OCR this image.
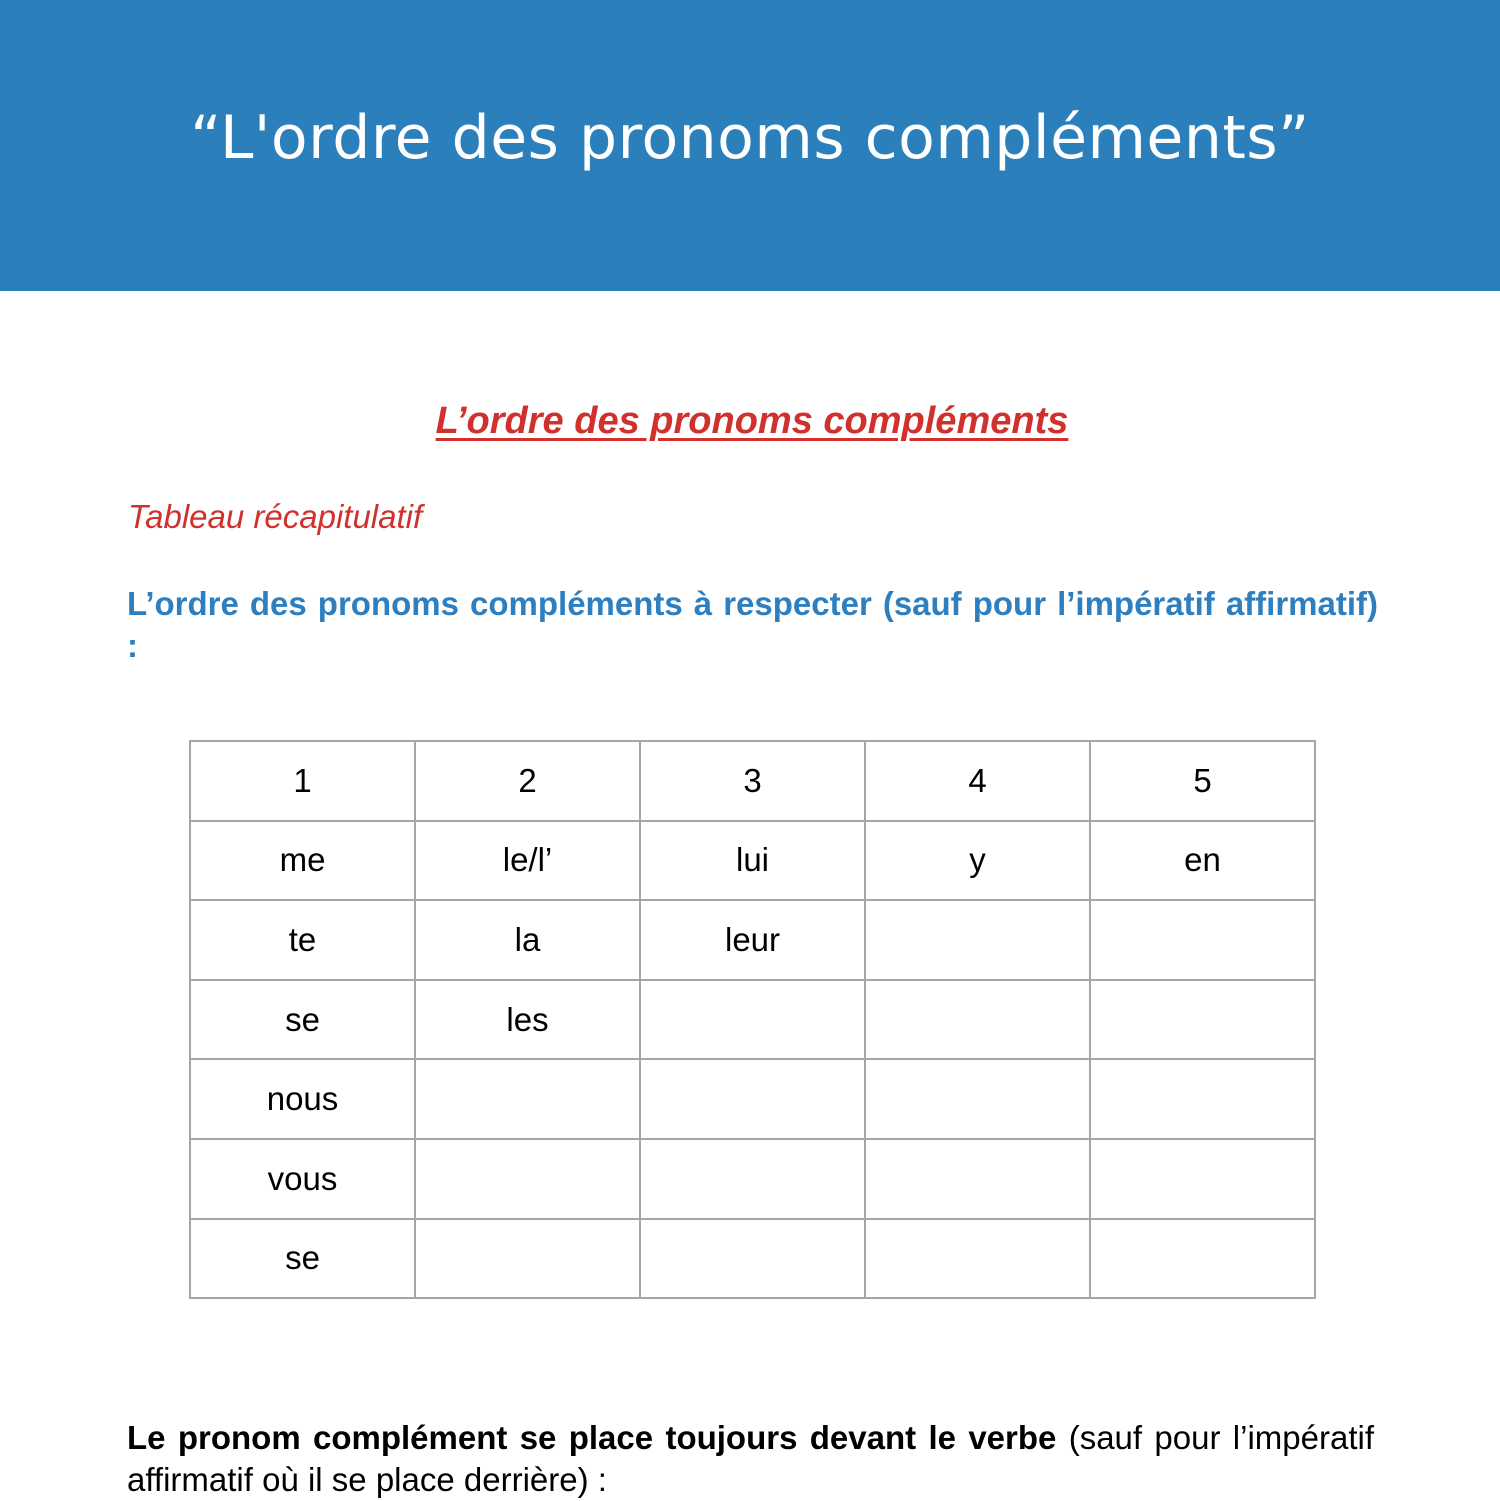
“L'ordre des pronoms compléments”
L’ordre des pronoms compléments
Tableau récapitulatif
L’ordre des pronoms compléments à respecter (sauf pour l’impératif affirmatif) :
1	2	3	4	5
me	le/l’	lui	y	en
te	la	leur		
se	les			
nous				
vous				
se				
Le pronom complément se place toujours devant le verbe (sauf pour l’impératif affirmatif où il se place derrière) :
